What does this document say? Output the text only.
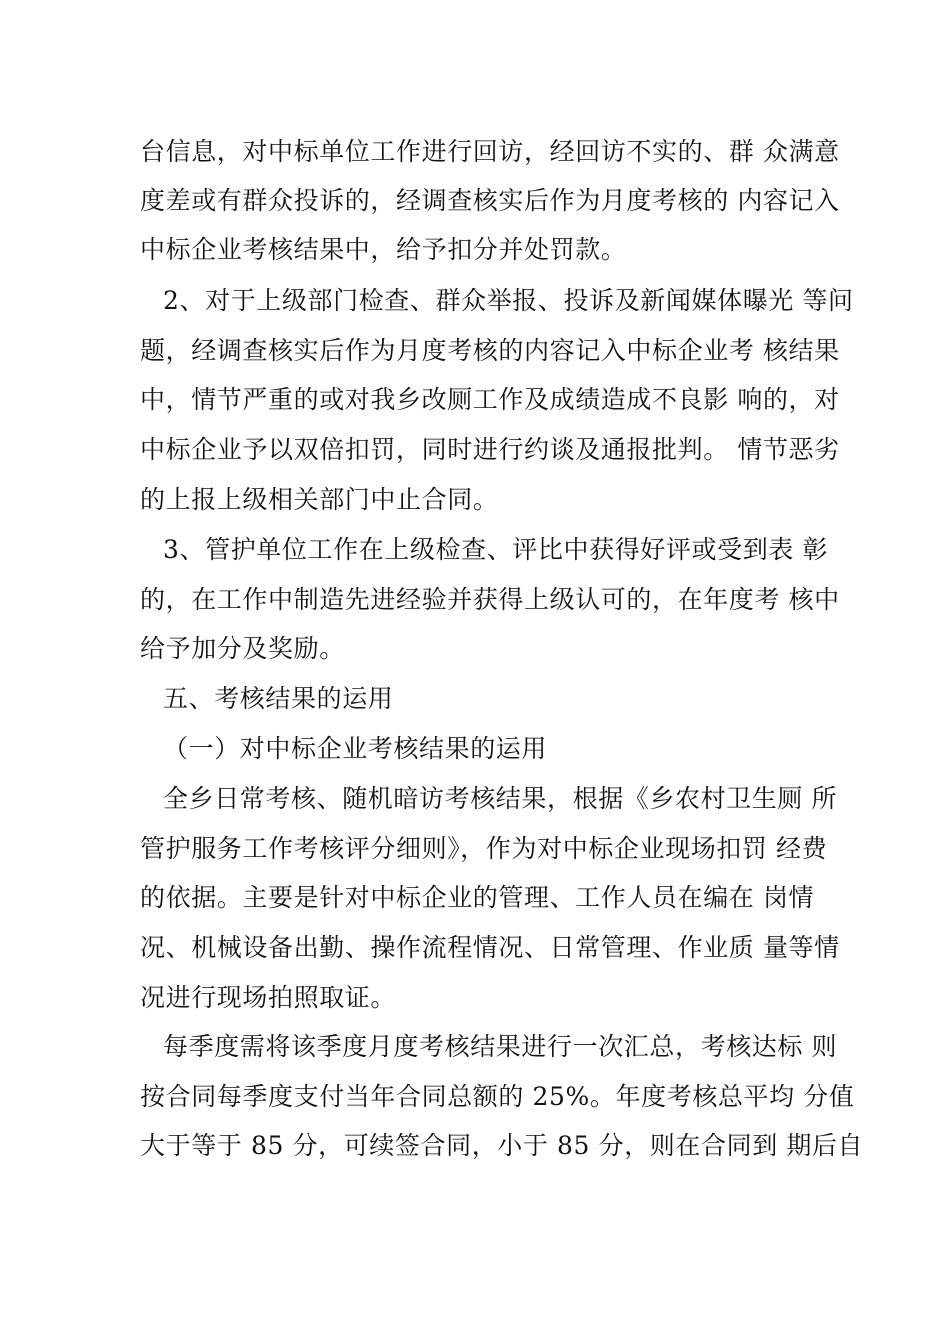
台信息，对中标单位工作进行回访，经回访不实的、群 众满意
度差或有群众投诉的，经调查核实后作为月度考核的 内容记入
中标企业考核结果中，给予扣分并处罚款。
2、对于上级部门检查、群众举报、投诉及新闻媒体曝光 等问
题，经调查核实后作为月度考核的内容记入中标企业考 核结果
中，情节严重的或对我乡改厕工作及成绩造成不良影 响的，对
中标企业予以双倍扣罚，同时进行约谈及通报批判。 情节恶劣
的上报上级相关部门中止合同。
3、管护单位工作在上级检查、评比中获得好评或受到表 彰
的，在工作中制造先进经验并获得上级认可的，在年度考 核中
给予加分及奖励。
五、考核结果的运用
（一）对中标企业考核结果的运用
全乡日常考核、随机暗访考核结果，根据《乡农村卫生厕 所
管护服务工作考核评分细则》，作为对中标企业现场扣罚 经费
的依据。主要是针对中标企业的管理、工作人员在编在 岗情
况、机械设备出勤、操作流程情况、日常管理、作业质 量等情
况进行现场拍照取证。
每季度需将该季度月度考核结果进行一次汇总，考核达标 则
按合同每季度支付当年合同总额的 25%。年度考核总平均 分值
大于等于 85 分，可续签合同，小于 85 分，则在合同到 期后自
